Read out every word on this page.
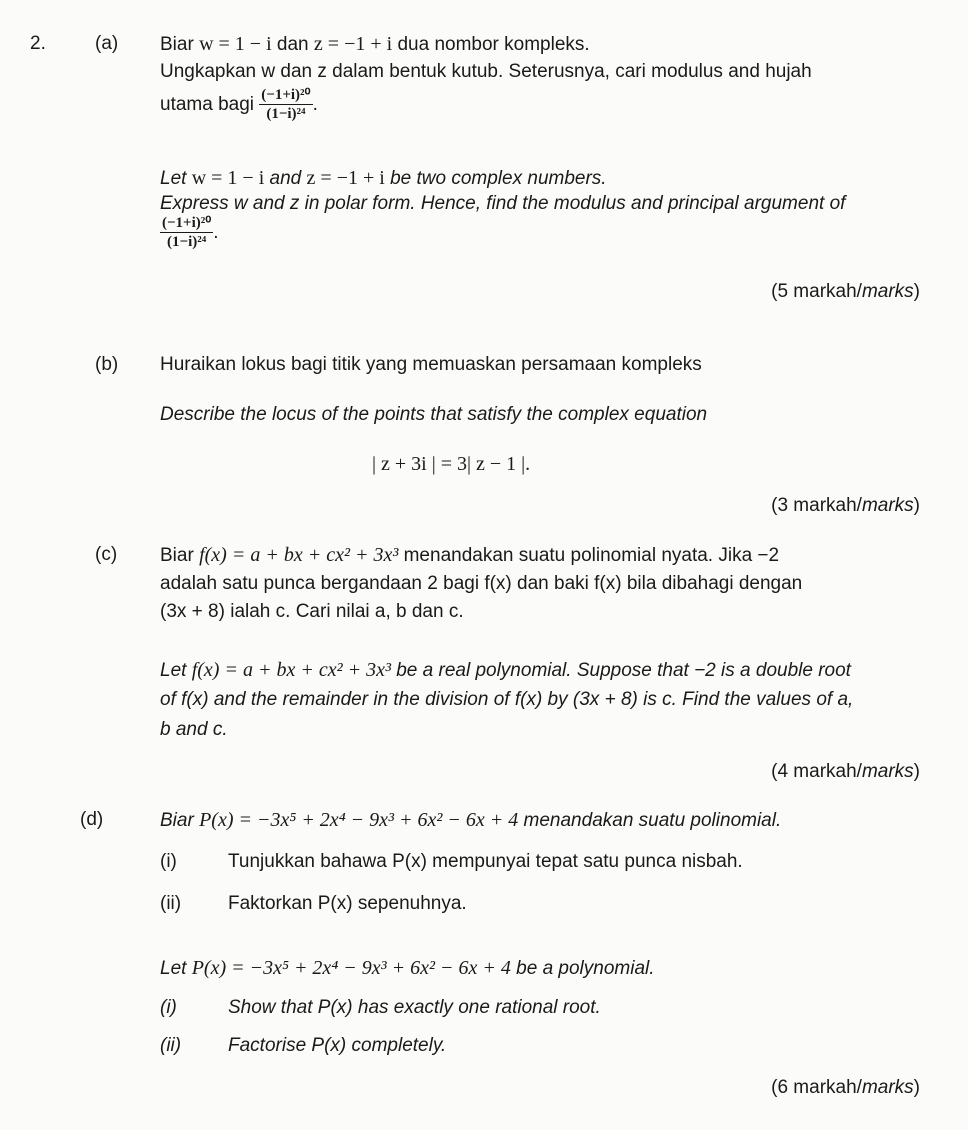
2.	(a) Biar w = 1 − i dan z = −1 + i dua nombor kompleks.
Ungkapkan w dan z dalam bentuk kutub. Seterusnya, cari modulus and hujah
utama bagi $\frac{\text{(−1+i)²⁰}}{\text{(1−i)²⁴}}$ .
Let w = 1 − i and z = −1 + i be two complex numbers.
Express w and z in polar form. Hence, find the modulus and principal argument of
$\frac{\text{(−1+i)²⁰}}{\text{(1−i)²⁴}}$ .
(5 markah/marks)
(b) Huraikan lokus bagi titik yang memuaskan persamaan kompleks
Describe the locus of the points that satisfy the complex equation
| z + 3i | = 3| z − 1 |.
(3 markah/marks)
(c) Biar f(x) = a + bx + cx² + 3x³ menandakan suatu polinomial nyata. Jika −2
adalah satu punca bergandaan 2 bagi f(x) dan baki f(x) bila dibahagi dengan
(3x + 8) ialah c. Cari nilai a, b dan c.
Let f(x) = a + bx + cx² + 3x³ be a real polynomial. Suppose that −2 is a double root
of f(x) and the remainder in the division of f(x) by (3x + 8) is c. Find the values of a,
b and c.
(4 markah/marks)
(d)	Biar P(x) = −3x⁵ + 2x⁴ − 9x³ + 6x² − 6x + 4 menandakan suatu polinomial.
(i)	Tunjukkan bahawa P(x) mempunyai tepat satu punca nisbah.
(ii) Faktorkan P(x) sepenuhnya.
Let P(x) = −3x⁵ + 2x⁴ − 9x³ + 6x² − 6x + 4 be a polynomial.
(i)	Show that P(x) has exactly one rational root.
(ii) Factorise P(x) completely.
(6 markah/marks)
